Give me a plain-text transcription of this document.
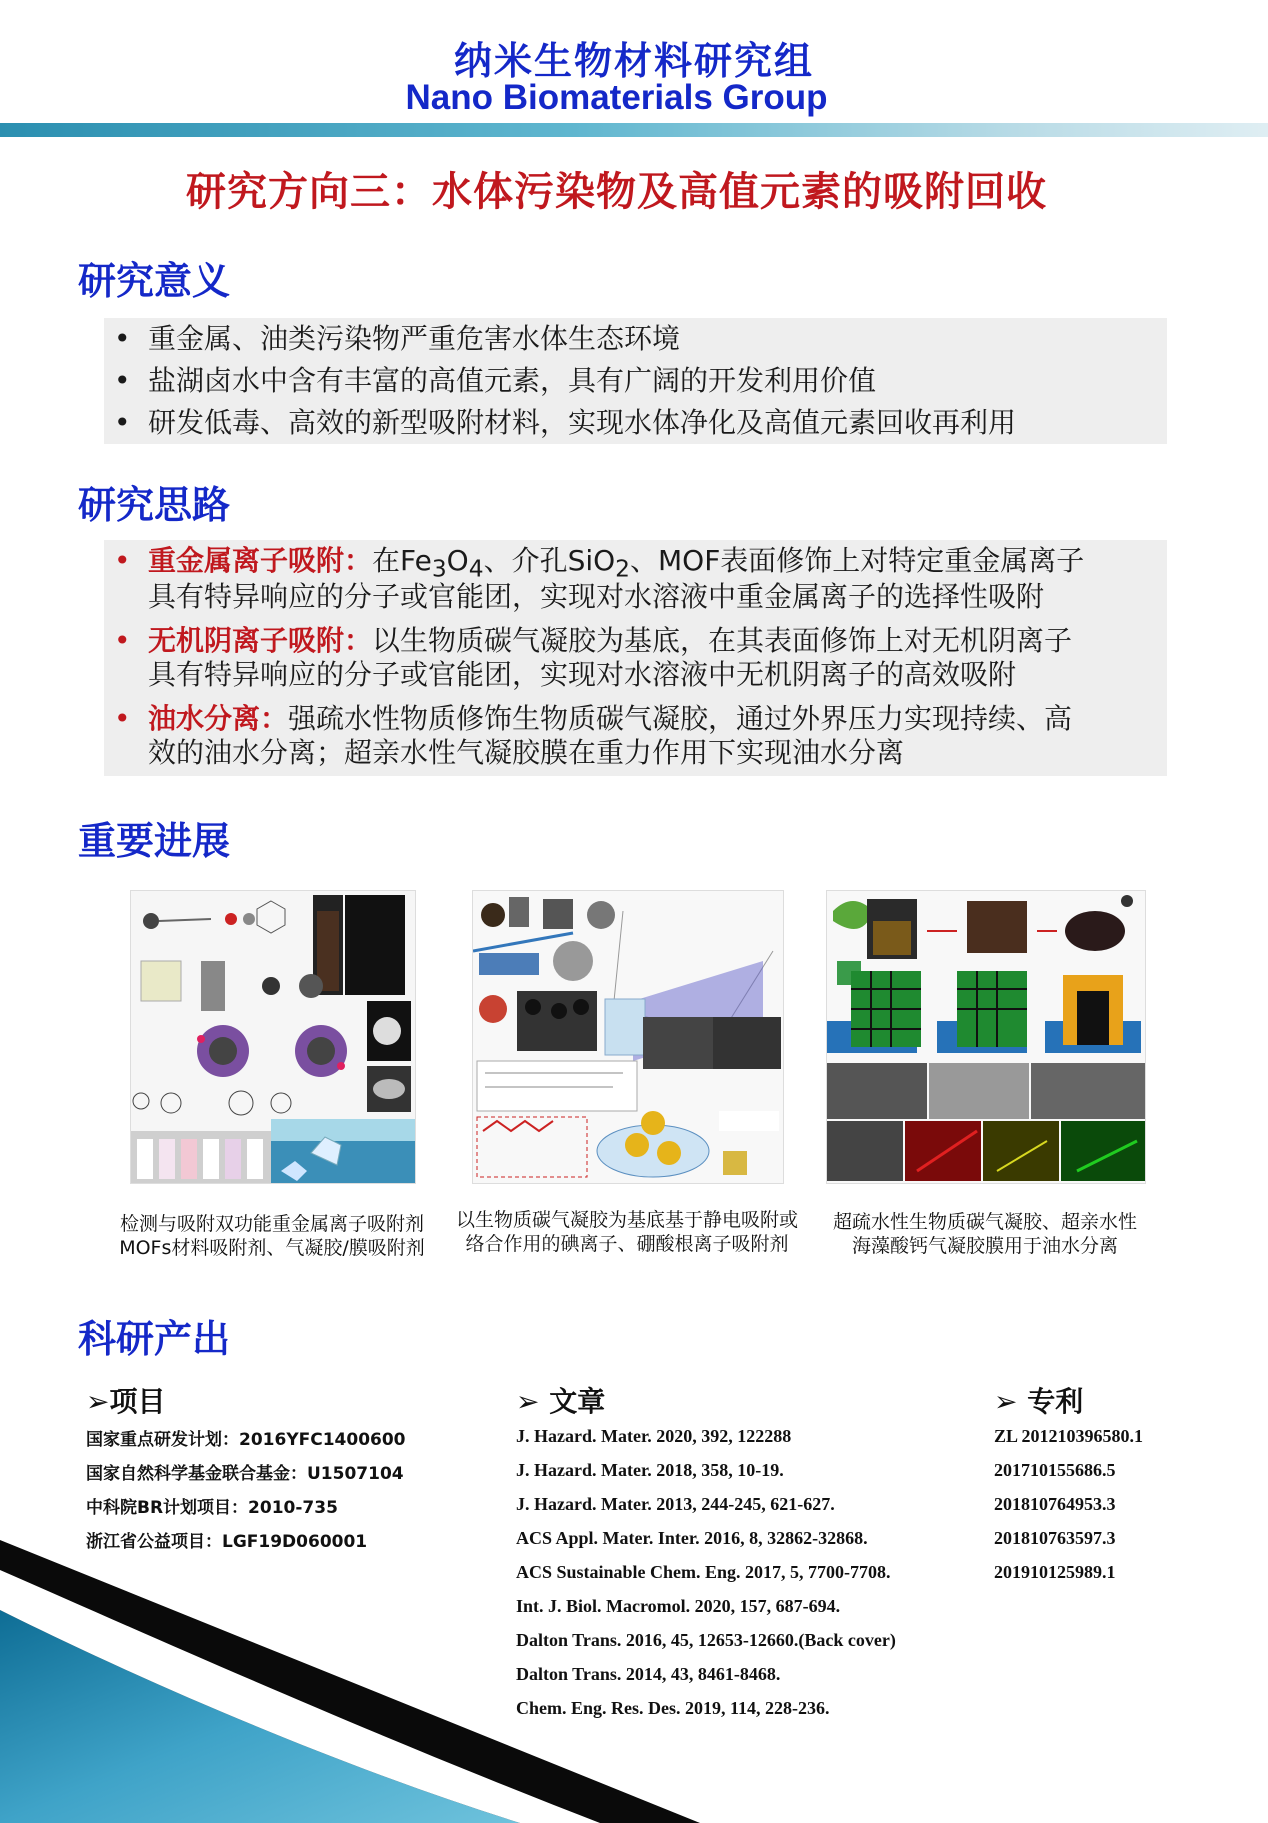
纳米生物材料研究组
Nano Biomaterials Group
研究方向三：水体污染物及高值元素的吸附回收
研究意义
• 重金属、油类污染物严重危害水体生态环境
• 盐湖卤水中含有丰富的高值元素，具有广阔的开发利用价值
• 研发低毒、高效的新型吸附材料，实现水体净化及高值元素回收再利用
研究思路
• 重金属离子吸附：在$Fe_3O_4$、介孔SiO$_2$、MOF表面修饰上对特定重金属离子
具有特异响应的分子或官能团，实现对水溶液中重金属离子的选择性吸附
• 无机阴离子吸附：以生物质碳气凝胶为基底，在其表面修饰上对无机阴离子
具有特异响应的分子或官能团，实现对水溶液中无机阴离子的高效吸附
• 油水分离：强疏水性物质修饰生物质碳气凝胶，通过外界压力实现持续、高
效的油水分离；超亲水性气凝胶膜在重力作用下实现油水分离
重要进展
检测与吸附双功能重金属离子吸附剂
MOFs材料吸附剂、气凝胶/膜吸附剂
以生物质碳气凝胶为基底基于静电吸附或
络合作用的碘离子、硼酸根离子吸附剂
超疏水性生物质碳气凝胶、超亲水性
海藻酸钙气凝胶膜用于油水分离
科研产出
➢项目
国家重点研发计划：2016YFC1400600
国家自然科学基金联合基金：U1507104
中科院BR计划项目：2010-735
浙江省公益项目：LGF19D060001
➢ 文章
J. Hazard. Mater. 2020, 392, 122288
J. Hazard. Mater. 2018, 358, 10-19.
J. Hazard. Mater. 2013, 244-245, 621-627.
ACS Appl. Mater. Inter. 2016, 8, 32862-32868.
ACS Sustainable Chem. Eng. 2017, 5, 7700-7708.
Int. J. Biol. Macromol. 2020, 157, 687-694.
Dalton Trans. 2016, 45, 12653-12660.(Back cover)
Dalton Trans. 2014, 43, 8461-8468.
Chem. Eng. Res. Des. 2019, 114, 228-236.
➢ 专利
ZL 201210396580.1
201710155686.5
201810764953.3
201810763597.3
201910125989.1
